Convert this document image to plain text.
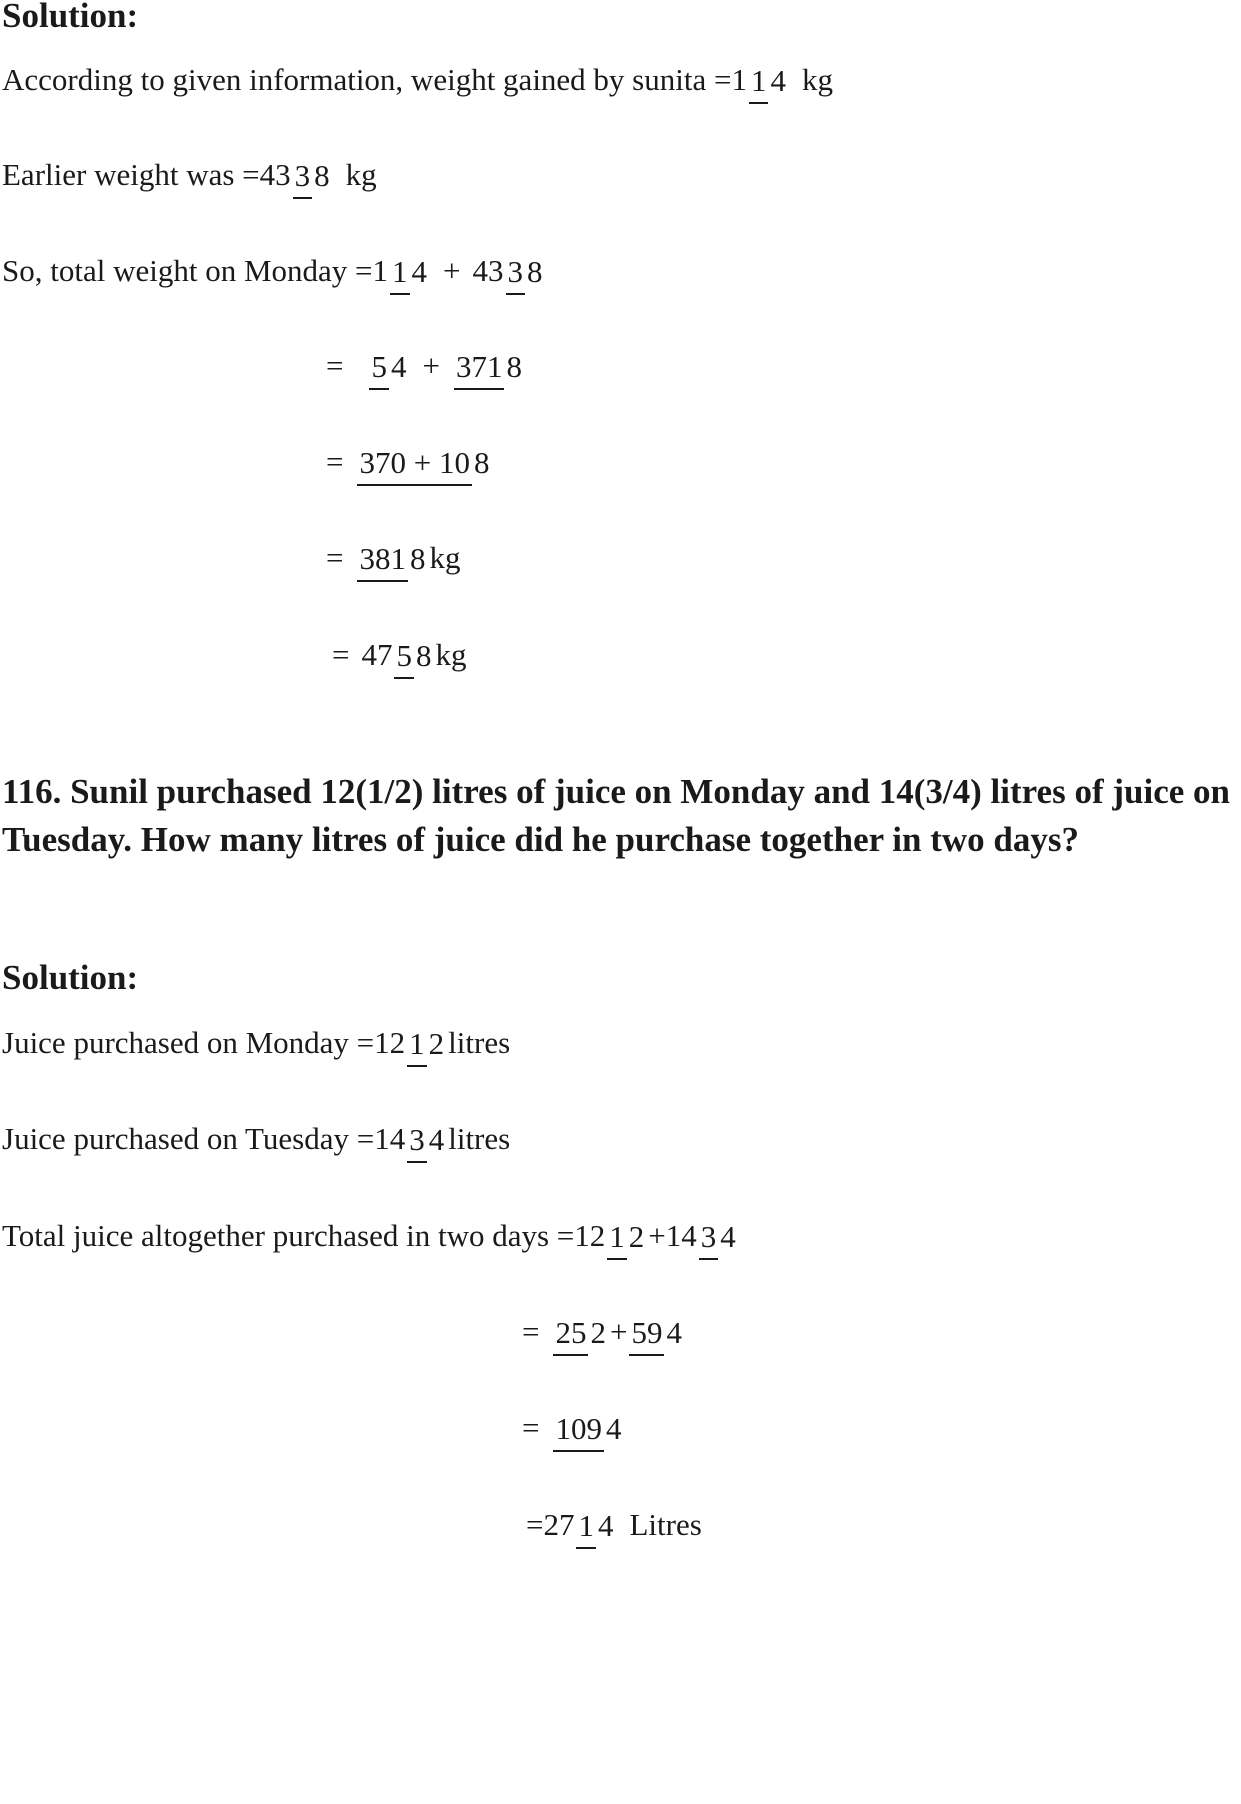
Solution:
According to given information, weight gained by sunita = 1 1 4 kg
Earlier weight was = 43 3 8 kg
So, total weight on Monday = 1 1 4 + 43 3 8
= 5 4 + 371 8
= 370 + 10 8
= 381 8 kg
= 47 5 8 kg
116. Sunil purchased 12(1/2) litres of juice on Monday and 14(3/4) litres of juice on Tuesday. How many litres of juice did he purchase together in two days?
Solution:
Juice purchased on Monday = 12 1 2 litres
Juice purchased on Tuesday = 14 3 4 litres
Total juice altogether purchased in two days = 12 1 2 + 14 3 4
= 25 2 + 59 4
= 109 4
= 27 1 4 Litres
